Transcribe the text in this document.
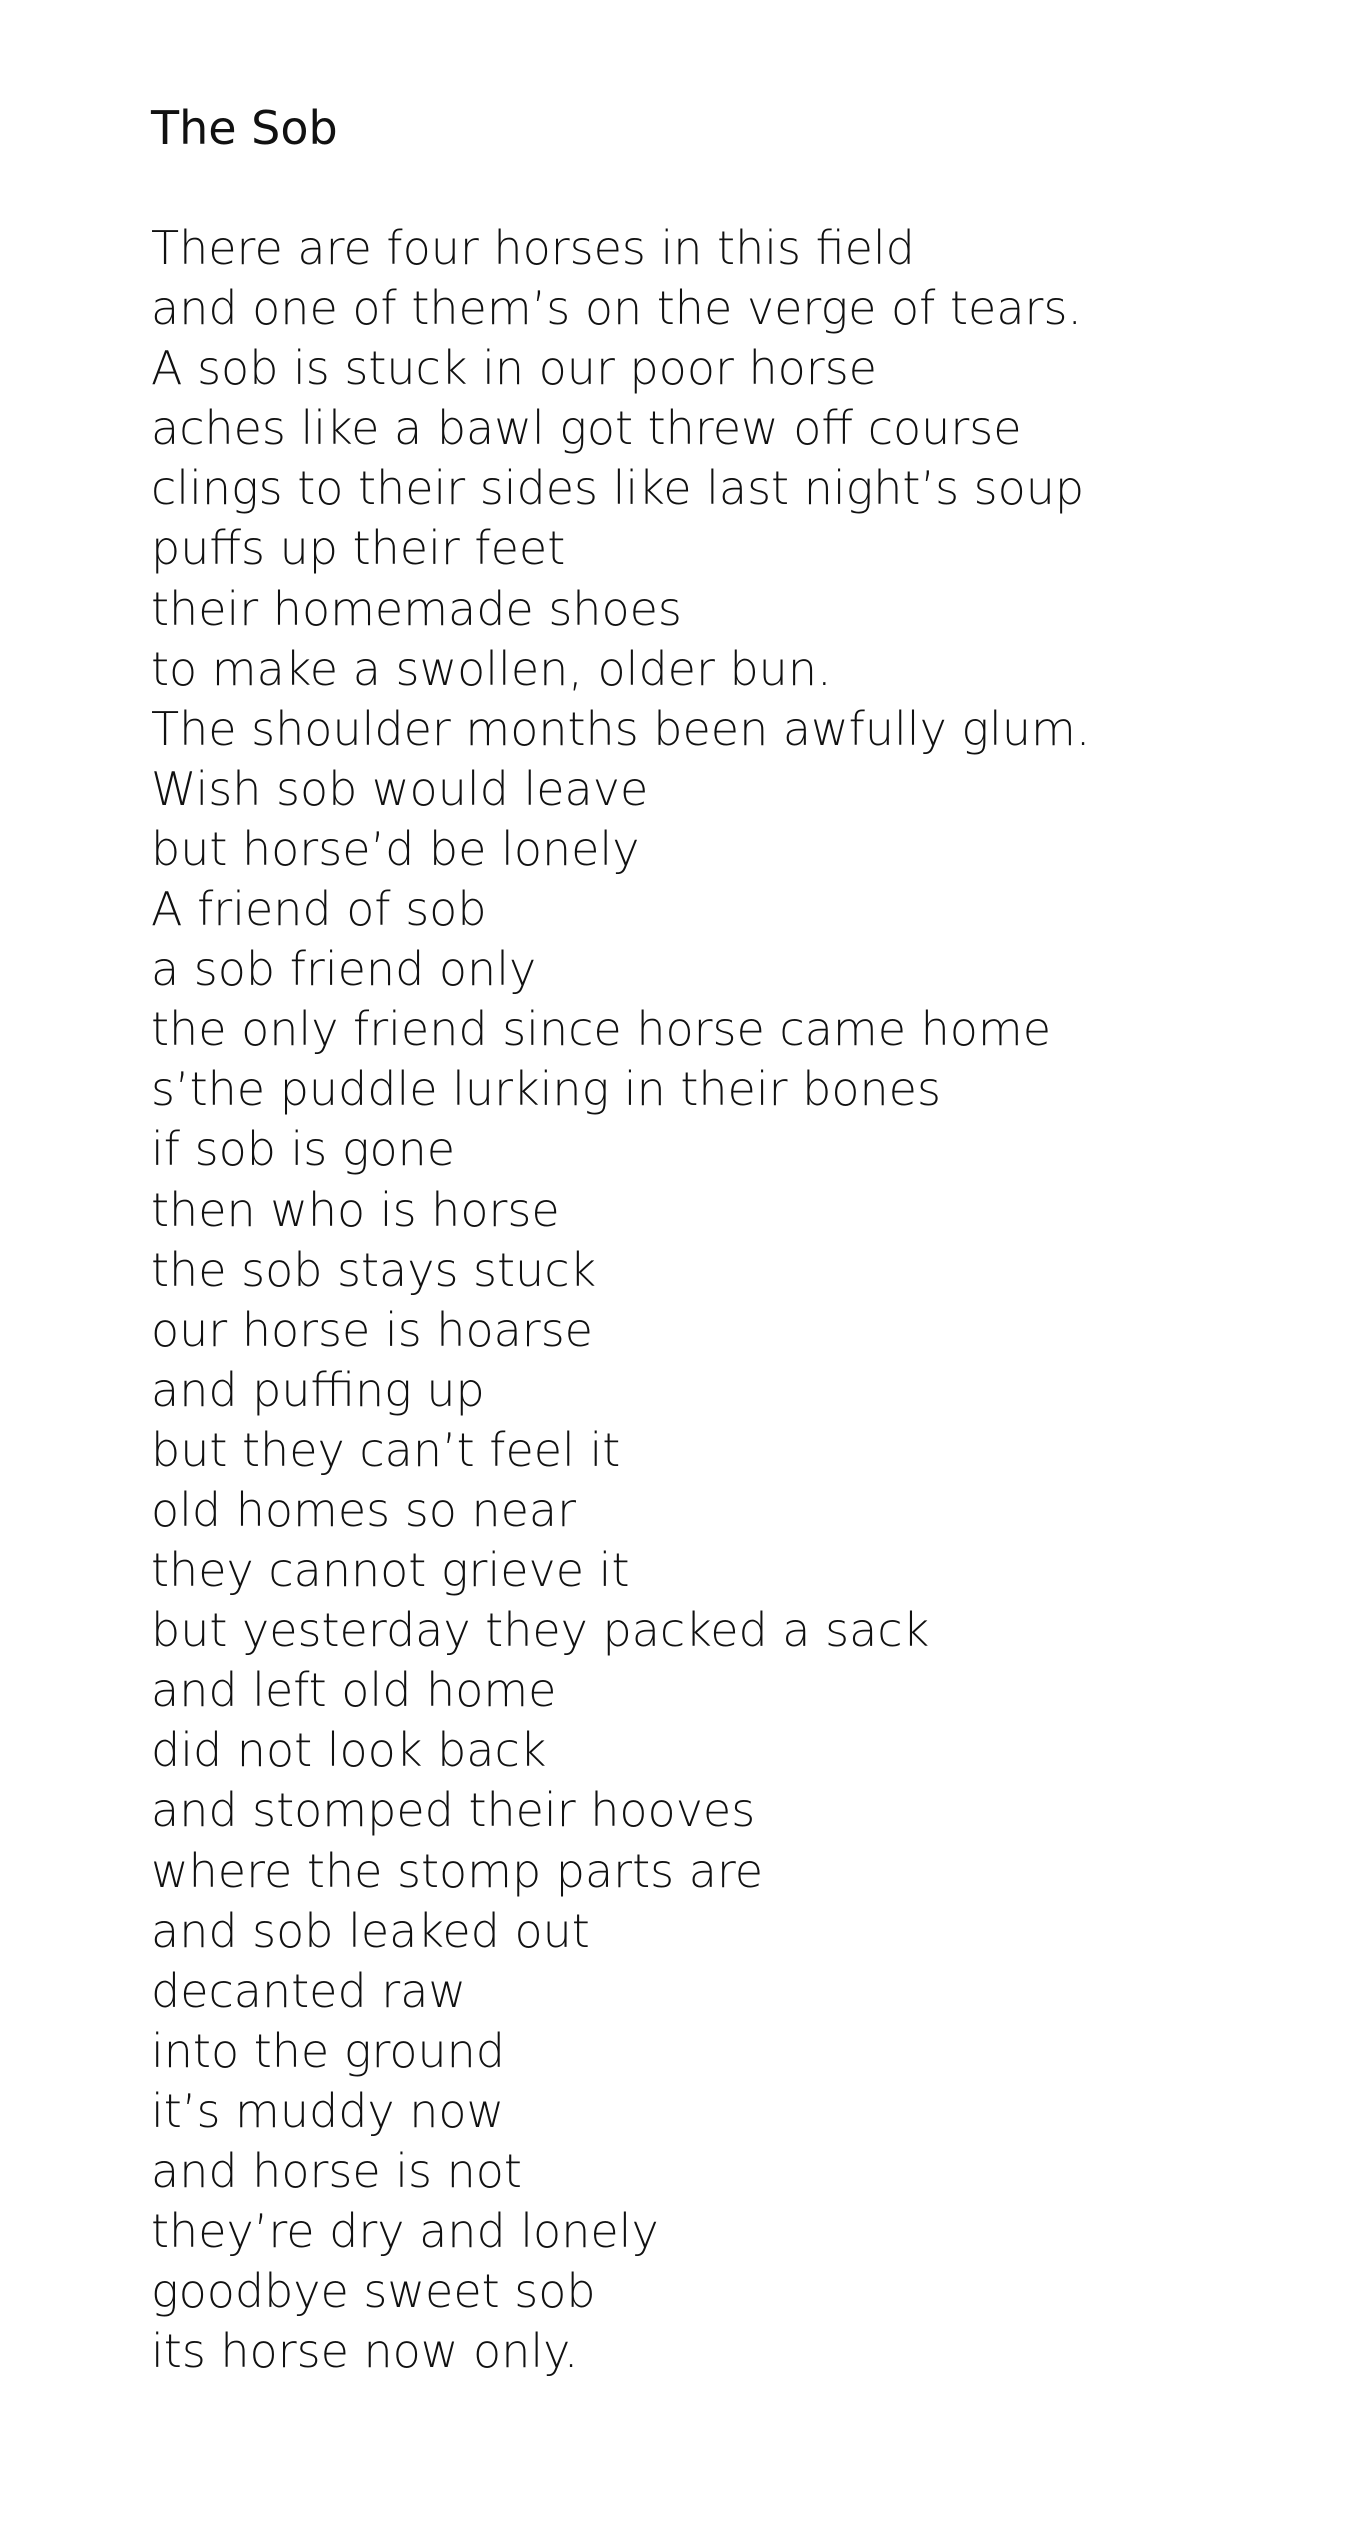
The Sob
There are four horses in this field
and one of them’s on the verge of tears.
A sob is stuck in our poor horse
aches like a bawl got threw off course
clings to their sides like last night’s soup
puffs up their feet
their homemade shoes
to make a swollen, older bun.
The shoulder months been awfully glum.
Wish sob would leave
but horse’d be lonely
A friend of sob
a sob friend only
the only friend since horse came home
s’the puddle lurking in their bones
if sob is gone
then who is horse
the sob stays stuck
our horse is hoarse
and puffing up
but they can’t feel it
old homes so near
they cannot grieve it
but yesterday they packed a sack
and left old home
did not look back
and stomped their hooves
where the stomp parts are
and sob leaked out
decanted raw
into the ground
it’s muddy now
and horse is not
they’re dry and lonely
goodbye sweet sob
its horse now only.
